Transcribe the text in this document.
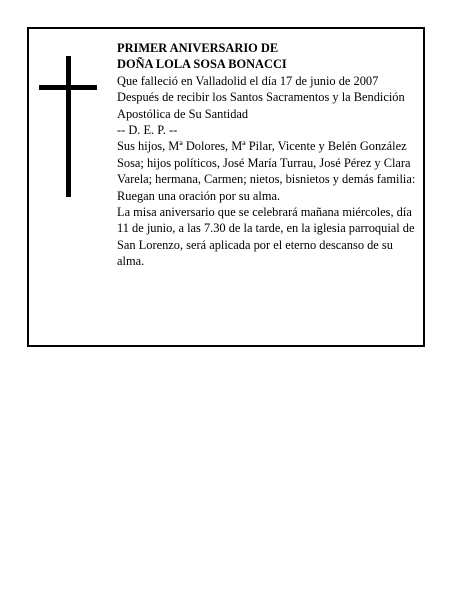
PRIMER ANIVERSARIO DE

DOÑA LOLA SOSA BONACCI

Que falleció en Valladolid el día 17 de junio de 2007

Después de recibir los Santos Sacramentos y la Bendición Apostólica de Su Santidad

-- D. E. P. --

Sus hijos, Mª Dolores, Mª Pilar, Vicente y Belén González Sosa; hijos políticos, José María Turrau, José Pérez y Clara Varela; hermana, Carmen; nietos, bisnietos y demás familia:

Ruegan una oración por su alma.

La misa aniversario que se celebrará mañana miércoles, día 11 de junio, a las 7.30 de la tarde, en la iglesia parroquial de San Lorenzo, será aplicada por el eterno descanso de su alma.
